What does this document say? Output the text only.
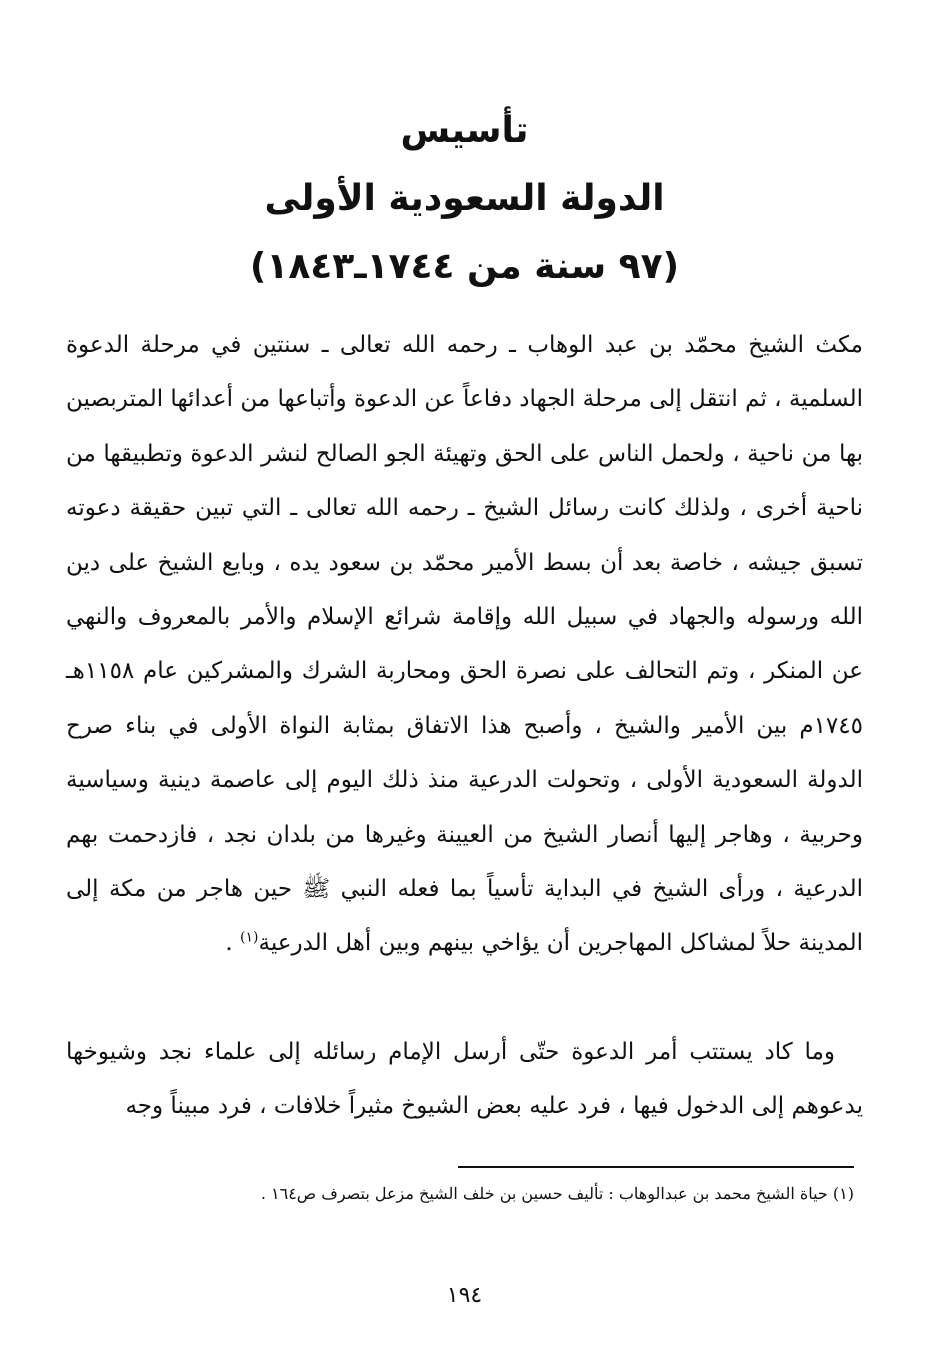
تأسيس
الدولة السعودية الأولى
(٩٧ سنة من ١٧٤٤ـ١٨٤٣)
مكث الشيخ محمّد بن عبد الوهاب ـ رحمه الله تعالى ـ سنتين في مرحلة الدعوة السلمية ، ثم انتقل إلى مرحلة الجهاد دفاعاً عن الدعوة وأتباعها من أعدائها المتربصين بها من ناحية ، ولحمل الناس على الحق وتهيئة الجو الصالح لنشر الدعوة وتطبيقها من ناحية أخرى ، ولذلك كانت رسائل الشيخ ـ رحمه الله تعالى ـ التي تبين حقيقة دعوته تسبق جيشه ، خاصة بعد أن بسط الأمير محمّد بن سعود يده ، وبايع الشيخ على دين الله ورسوله والجهاد في سبيل الله وإقامة شرائع الإسلام والأمر بالمعروف والنهي عن المنكر ، وتم التحالف على نصرة الحق ومحاربة الشرك والمشركين عام ١١٥٨هـ ١٧٤٥م بين الأمير والشيخ ، وأصبح هذا الاتفاق بمثابة النواة الأولى في بناء صرح الدولة السعودية الأولى ، وتحولت الدرعية منذ ذلك اليوم إلى عاصمة دينية وسياسية وحربية ، وهاجر إليها أنصار الشيخ من العيينة وغيرها من بلدان نجد ، فازدحمت بهم الدرعية ، ورأى الشيخ في البداية تأسياً بما فعله النبي ﷺ حين هاجر من مكة إلى المدينة حلاً لمشاكل المهاجرين أن يؤاخي بينهم وبين أهل الدرعية$^{(١)}$ .
وما كاد يستتب أمر الدعوة حتّى أرسل الإمام رسائله إلى علماء نجد وشيوخها يدعوهم إلى الدخول فيها ، فرد عليه بعض الشيوخ مثيراً خلافات ، فرد مبيناً وجه
(١) حياة الشيخ محمد بن عبدالوهاب : تأليف حسين بن خلف الشيخ مزعل بتصرف ص١٦٤ .
١٩٤
